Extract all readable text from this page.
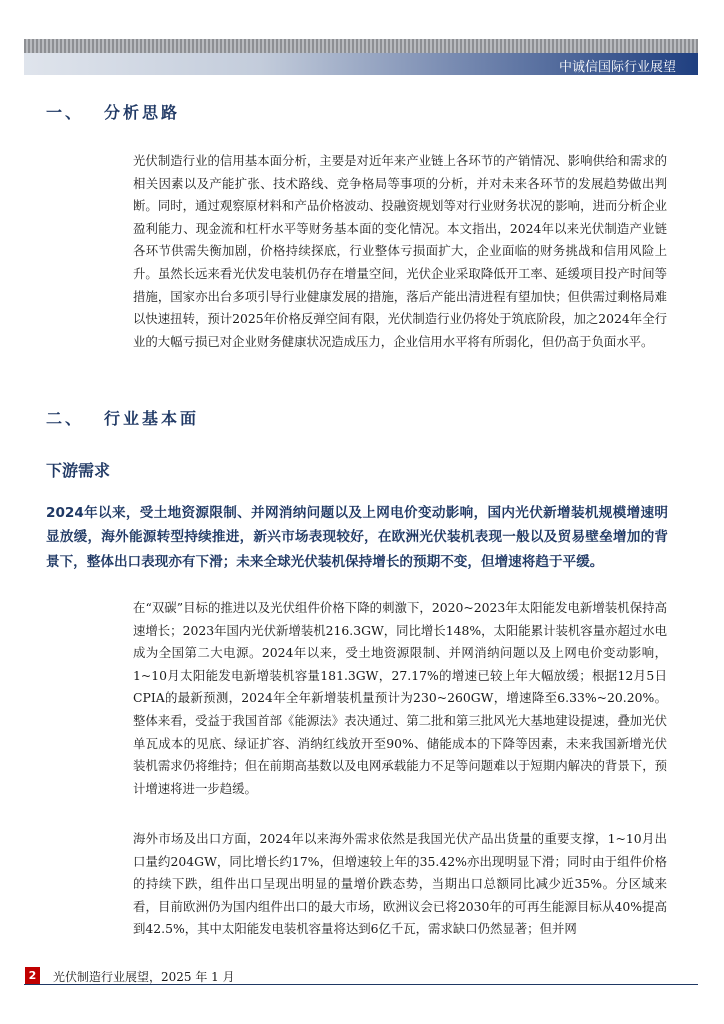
中诚信国际行业展望
一、 分析思路
光伏制造行业的信用基本面分析，主要是对近年来产业链上各环节的产销情况、影响供给和需求的相关因素以及产能扩张、技术路线、竞争格局等事项的分析，并对未来各环节的发展趋势做出判断。同时，通过观察原材料和产品价格波动、投融资规划等对行业财务状况的影响，进而分析企业盈利能力、现金流和杠杆水平等财务基本面的变化情况。本文指出，2024年以来光伏制造产业链各环节供需失衡加剧，价格持续探底，行业整体亏损面扩大，企业面临的财务挑战和信用风险上升。虽然长远来看光伏发电装机仍存在增量空间，光伏企业采取降低开工率、延缓项目投产时间等措施，国家亦出台多项引导行业健康发展的措施，落后产能出清进程有望加快；但供需过剩格局难以快速扭转，预计2025年价格反弹空间有限，光伏制造行业仍将处于筑底阶段，加之2024年全行业的大幅亏损已对企业财务健康状况造成压力，企业信用水平将有所弱化，但仍高于负面水平。
二、 行业基本面
下游需求
2024年以来，受土地资源限制、并网消纳问题以及上网电价变动影响，国内光伏新增装机规模增速明显放缓，海外能源转型持续推进，新兴市场表现较好，在欧洲光伏装机表现一般以及贸易壁垒增加的背景下，整体出口表现亦有下滑；未来全球光伏装机保持增长的预期不变，但增速将趋于平缓。
在“双碳”目标的推进以及光伏组件价格下降的刺激下，2020~2023年太阳能发电新增装机保持高速增长；2023年国内光伏新增装机216.3GW，同比增长148%，太阳能累计装机容量亦超过水电成为全国第二大电源。2024年以来，受土地资源限制、并网消纳问题以及上网电价变动影响，1~10月太阳能发电新增装机容量181.3GW，27.17%的增速已较上年大幅放缓；根据12月5日CPIA的最新预测，2024年全年新增装机量预计为230~260GW，增速降至6.33%~20.20%。整体来看，受益于我国首部《能源法》表决通过、第二批和第三批风光大基地建设提速，叠加光伏单瓦成本的见底、绿证扩容、消纳红线放开至90%、储能成本的下降等因素，未来我国新增光伏装机需求仍将维持；但在前期高基数以及电网承载能力不足等问题难以于短期内解决的背景下，预计增速将进一步趋缓。
海外市场及出口方面，2024年以来海外需求依然是我国光伏产品出货量的重要支撑，1~10月出口量约204GW，同比增长约17%，但增速较上年的35.42%亦出现明显下滑；同时由于组件价格的持续下跌，组件出口呈现出明显的量增价跌态势，当期出口总额同比减少近35%。分区域来看，目前欧洲仍为国内组件出口的最大市场，欧洲议会已将2030年的可再生能源目标从40%提高到42.5%，其中太阳能发电装机容量将达到6亿千瓦，需求缺口仍然显著；但并网
2	光伏制造行业展望，2025 年 1 月
